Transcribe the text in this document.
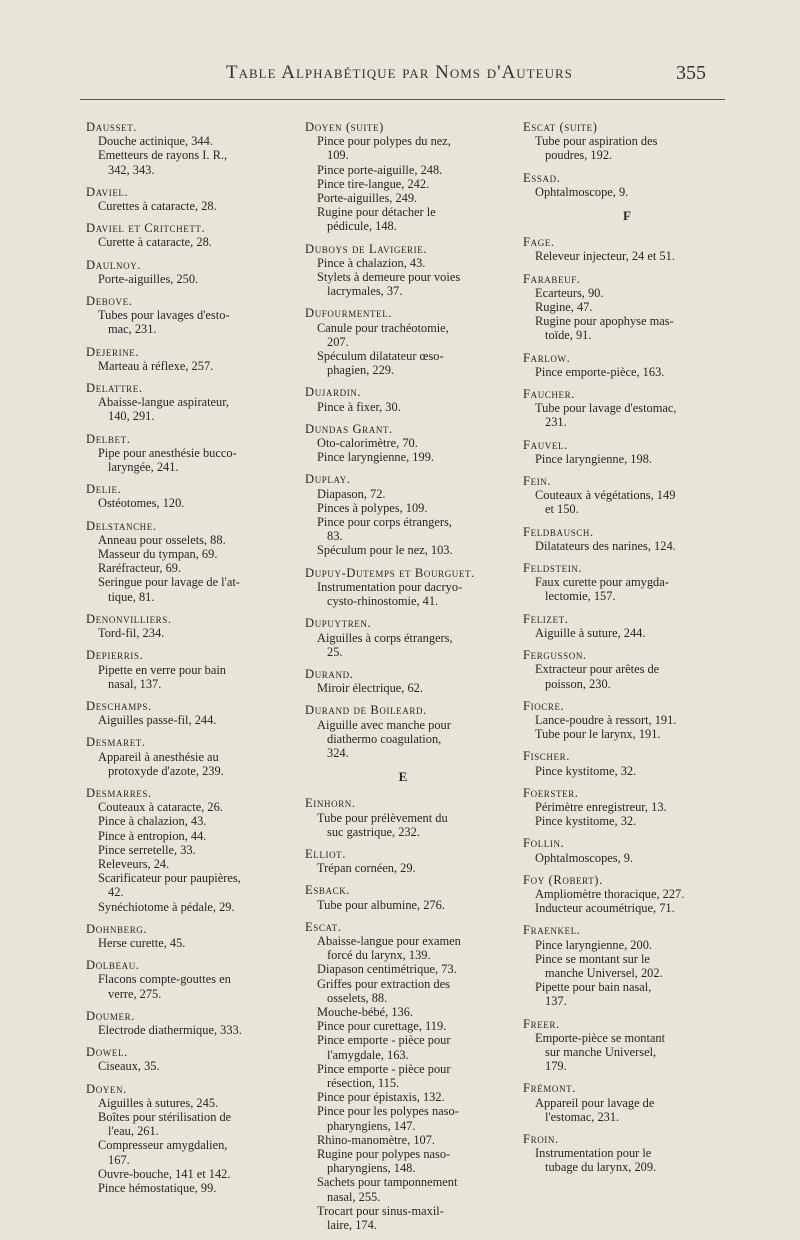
Table Alphabétique par Noms d'Auteurs	355
Dausset.
Douche actinique, 344.
Emetteurs de rayons I. R.,
342, 343.
Daviel.
Curettes à cataracte, 28.
Daviel et Critchett.
Curette à cataracte, 28.
Daulnoy.
Porte-aiguilles, 250.
Debove.
Tubes pour lavages d'esto-
mac, 231.
Dejerine.
Marteau à réflexe, 257.
Delattre.
Abaisse-langue aspirateur,
140, 291.
Delbet.
Pipe pour anesthésie bucco-
laryngée, 241.
Delie.
Ostéotomes, 120.
Delstanche.
Anneau pour osselets, 88.
Masseur du tympan, 69.
Raréfracteur, 69.
Seringue pour lavage de l'at-
tique, 81.
Denonvilliers.
Tord-fil, 234.
Depierris.
Pipette en verre pour bain
nasal, 137.
Deschamps.
Aiguilles passe-fil, 244.
Desmaret.
Appareil à anesthésie au
protoxyde d'azote, 239.
Desmarres.
Couteaux à cataracte, 26.
Pince à chalazion, 43.
Pince à entropion, 44.
Pince serretelle, 33.
Releveurs, 24.
Scarificateur pour paupières,
42.
Synéchiotome à pédale, 29.
Dohnberg.
Herse curette, 45.
Dolbeau.
Flacons compte-gouttes en
verre, 275.
Doumer.
Electrode diathermique, 333.
Dowel.
Ciseaux, 35.
Doyen.
Aiguilles à sutures, 245.
Boîtes pour stérilisation de
l'eau, 261.
Compresseur amygdalien,
167.
Ouvre-bouche, 141 et 142.
Pince hémostatique, 99.
Doyen (suite)
Pince pour polypes du nez,
109.
Pince porte-aiguille, 248.
Pince tire-langue, 242.
Porte-aiguilles, 249.
Rugine pour détacher le
pédicule, 148.
Duboys de Lavigerie.
Pince à chalazion, 43.
Stylets à demeure pour voies
lacrymales, 37.
Dufourmentel.
Canule pour trachéotomie,
207.
Spéculum dilatateur œso-
phagien, 229.
Dujardin.
Pince à fixer, 30.
Dundas Grant.
Oto-calorimètre, 70.
Pince laryngienne, 199.
Duplay.
Diapason, 72.
Pinces à polypes, 109.
Pince pour corps étrangers,
83.
Spéculum pour le nez, 103.
Dupuy-Dutemps et Bourguet.
Instrumentation pour dacryo-
cysto-rhinostomie, 41.
Dupuytren.
Aiguilles à corps étrangers,
25.
Durand.
Miroir électrique, 62.
Durand de Boileard.
Aiguille avec manche pour
diathermo coagulation,
324.
E
Einhorn.
Tube pour prélèvement du
suc gastrique, 232.
Elliot.
Trépan cornéen, 29.
Esback.
Tube pour albumine, 276.
Escat.
Abaisse-langue pour examen
forcé du larynx, 139.
Diapason centimétrique, 73.
Griffes pour extraction des
osselets, 88.
Mouche-bébé, 136.
Pince pour curettage, 119.
Pince emporte - pièce pour
l'amygdale, 163.
Pince emporte - pièce pour
résection, 115.
Pince pour épistaxis, 132.
Pince pour les polypes naso-
pharyngiens, 147.
Rhino-manomètre, 107.
Rugine pour polypes naso-
pharyngiens, 148.
Sachets pour tamponnement
nasal, 255.
Trocart pour sinus-maxil-
laire, 174.
Escat (suite)
Tube pour aspiration des
poudres, 192.
Essad.
Ophtalmoscope, 9.
F
Fage.
Releveur injecteur, 24 et 51.
Farabeuf.
Ecarteurs, 90.
Rugine, 47.
Rugine pour apophyse mas-
toïde, 91.
Farlow.
Pince emporte-pièce, 163.
Faucher.
Tube pour lavage d'estomac,
231.
Fauvel.
Pince laryngienne, 198.
Fein.
Couteaux à végétations, 149
et 150.
Feldbausch.
Dilatateurs des narines, 124.
Feldstein.
Faux curette pour amygda-
lectomie, 157.
Felizet.
Aiguille à suture, 244.
Fergusson.
Extracteur pour arêtes de
poisson, 230.
Fiocre.
Lance-poudre à ressort, 191.
Tube pour le larynx, 191.
Fischer.
Pince kystitome, 32.
Foerster.
Périmètre enregistreur, 13.
Pince kystitome, 32.
Follin.
Ophtalmoscopes, 9.
Foy (Robert).
Ampliomètre thoracique, 227.
Inducteur acoumétrique, 71.
Fraenkel.
Pince laryngienne, 200.
Pince se montant sur le
manche Universel, 202.
Pipette pour bain nasal,
137.
Freer.
Emporte-pièce se montant
sur manche Universel,
179.
Frémont.
Appareil pour lavage de
l'estomac, 231.
Froin.
Instrumentation pour le
tubage du larynx, 209.
